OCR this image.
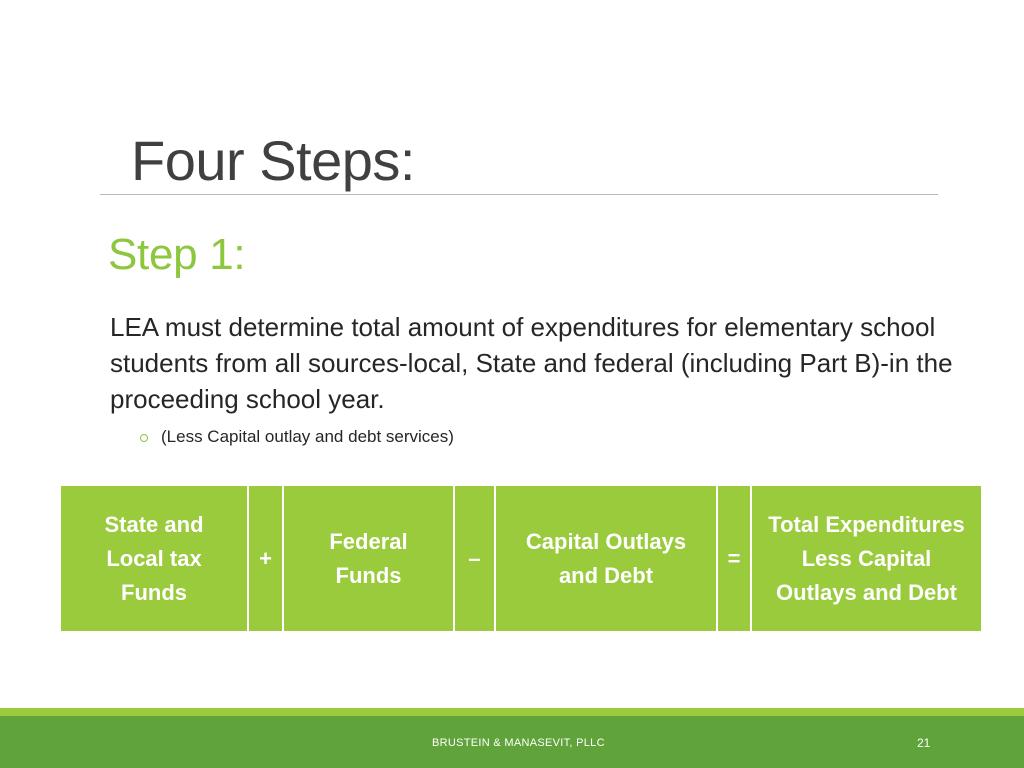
Four Steps:
Step 1:
LEA must determine total amount of expenditures for elementary school students from all sources-local, State and federal (including Part B)-in the proceeding school year.
(Less Capital outlay and debt services)
State and Local tax Funds
+
Federal Funds
–
Capital Outlays and Debt
=
Total Expenditures Less Capital Outlays and Debt
BRUSTEIN & MANASEVIT, PLLC	21
